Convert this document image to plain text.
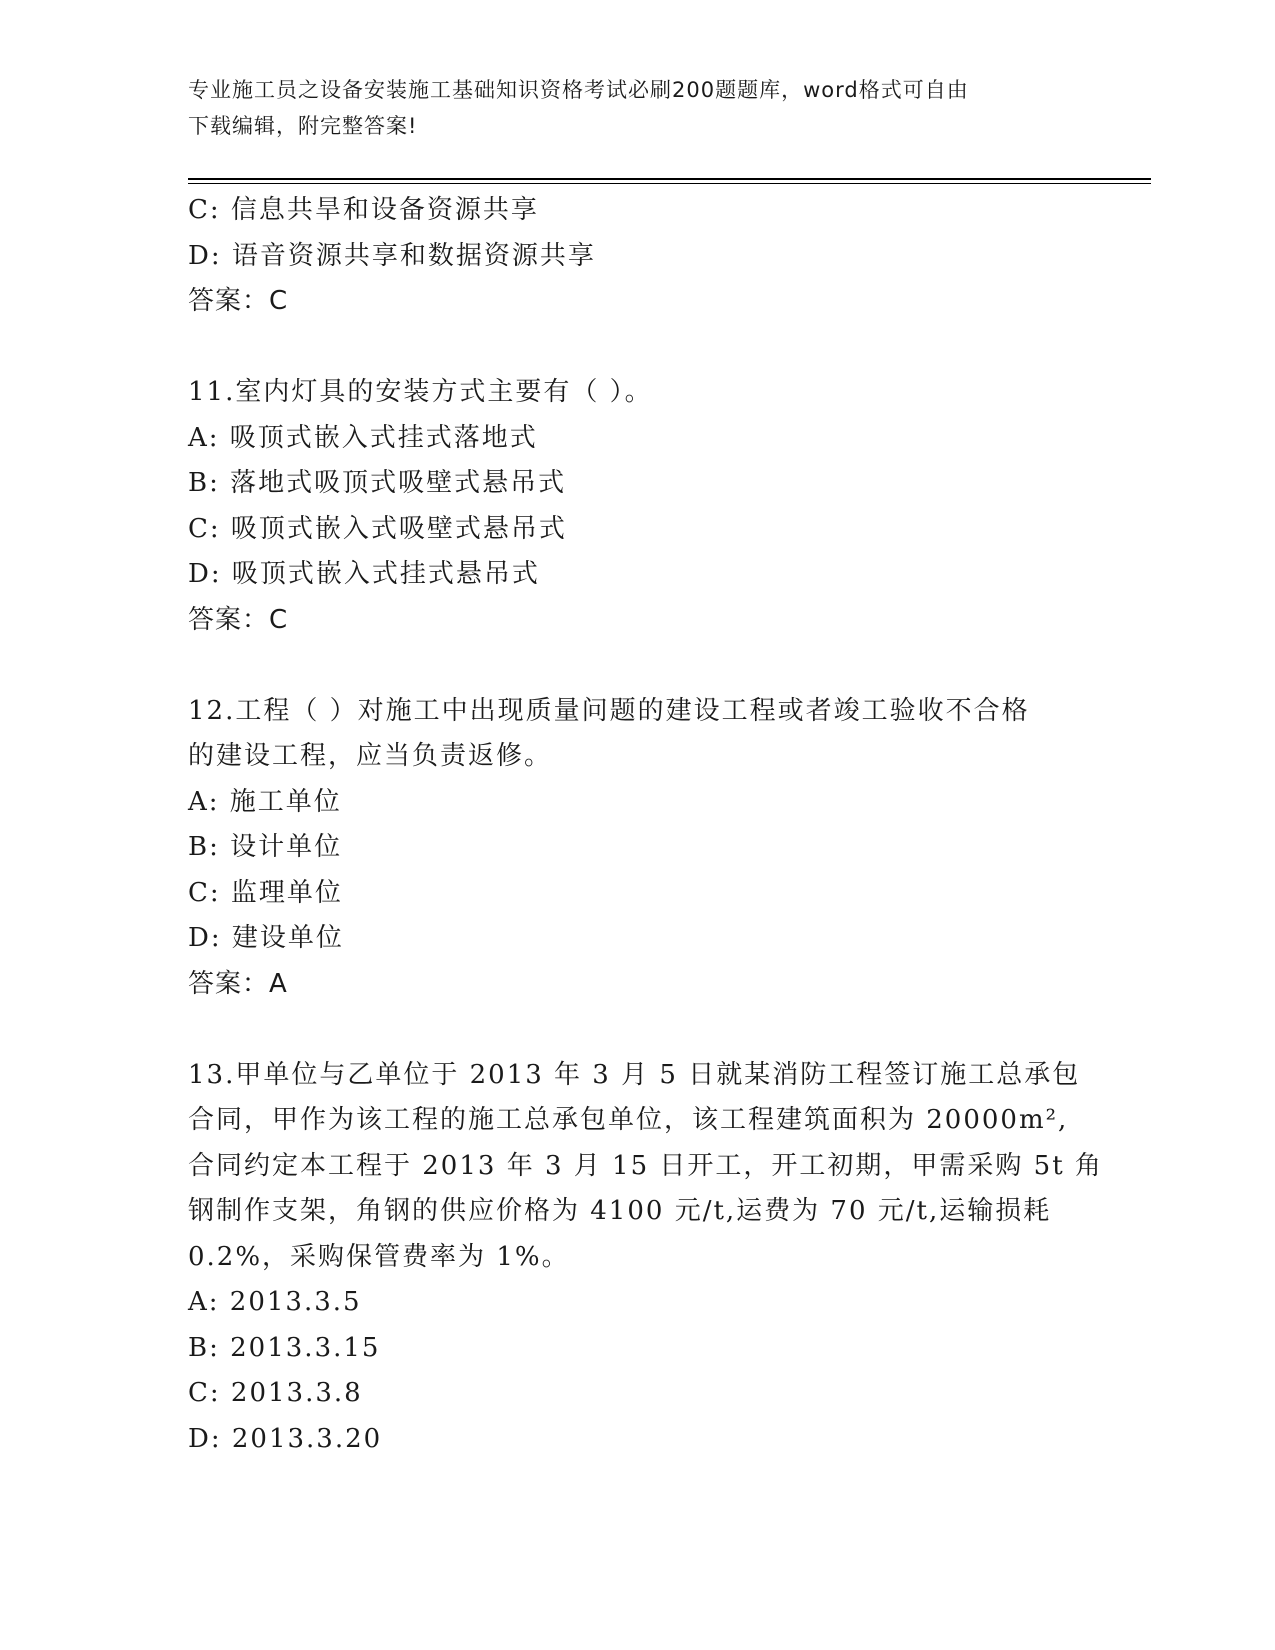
专业施工员之设备安装施工基础知识资格考试必刷200题题库，word格式可自由
下载编辑，附完整答案!
C: 信息共旱和设备资源共享
D: 语音资源共享和数据资源共享
答案：C
11.室内灯具的安装方式主要有（ ）。
A: 吸顶式嵌入式挂式落地式
B: 落地式吸顶式吸壁式悬吊式
C: 吸顶式嵌入式吸壁式悬吊式
D: 吸顶式嵌入式挂式悬吊式
答案：C
12.工程（ ）对施工中出现质量问题的建设工程或者竣工验收不合格
的建设工程，应当负责返修。
A: 施工单位
B: 设计单位
C: 监理单位
D: 建设单位
答案：A
13.甲单位与乙单位于 2013 年 3 月 5 日就某消防工程签订施工总承包
合同，甲作为该工程的施工总承包单位，该工程建筑面积为 20000m²,
合同约定本工程于 2013 年 3 月 15 日开工，开工初期，甲需采购 5t 角
钢制作支架，角钢的供应价格为 4100 元/t,运费为 70 元/t,运输损耗
0.2%，采购保管费率为 1%。
A: 2013.3.5
B: 2013.3.15
C: 2013.3.8
D: 2013.3.20
